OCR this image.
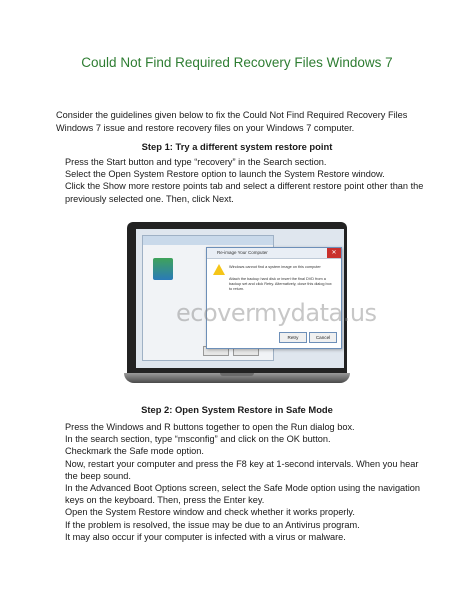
Could Not Find Required Recovery Files Windows 7
Consider the guidelines given below to fix the Could Not Find Required Recovery Files
Windows 7 issue and restore recovery files on your Windows 7 computer.
Step 1: Try a different system restore point
Press the Start button and type “recovery” in the Search section.
Select the Open System Restore option to launch the System Restore window.
Click the Show more restore points tab and select a different restore point other than the previously selected one. Then, click Next.
Re-image Your Computer	✕
Windows cannot find a system image on this computer
Attach the backup hard disk or insert the final DVD from a backup set and click Retry. Alternatively, close this dialog box to return.
Retry	Cancel
ecovermydata.us
Step 2: Open System Restore in Safe Mode
Press the Windows and R buttons together to open the Run dialog box.
In the search section, type “msconfig” and click on the OK button.
Checkmark the Safe mode option.
Now, restart your computer and press the F8 key at 1-second intervals. When you hear the beep sound.
In the Advanced Boot Options screen, select the Safe Mode option using the navigation keys on the keyboard. Then, press the Enter key.
Open the System Restore window and check whether it works properly.
If the problem is resolved, the issue may be due to an Antivirus program.
It may also occur if your computer is infected with a virus or malware.
